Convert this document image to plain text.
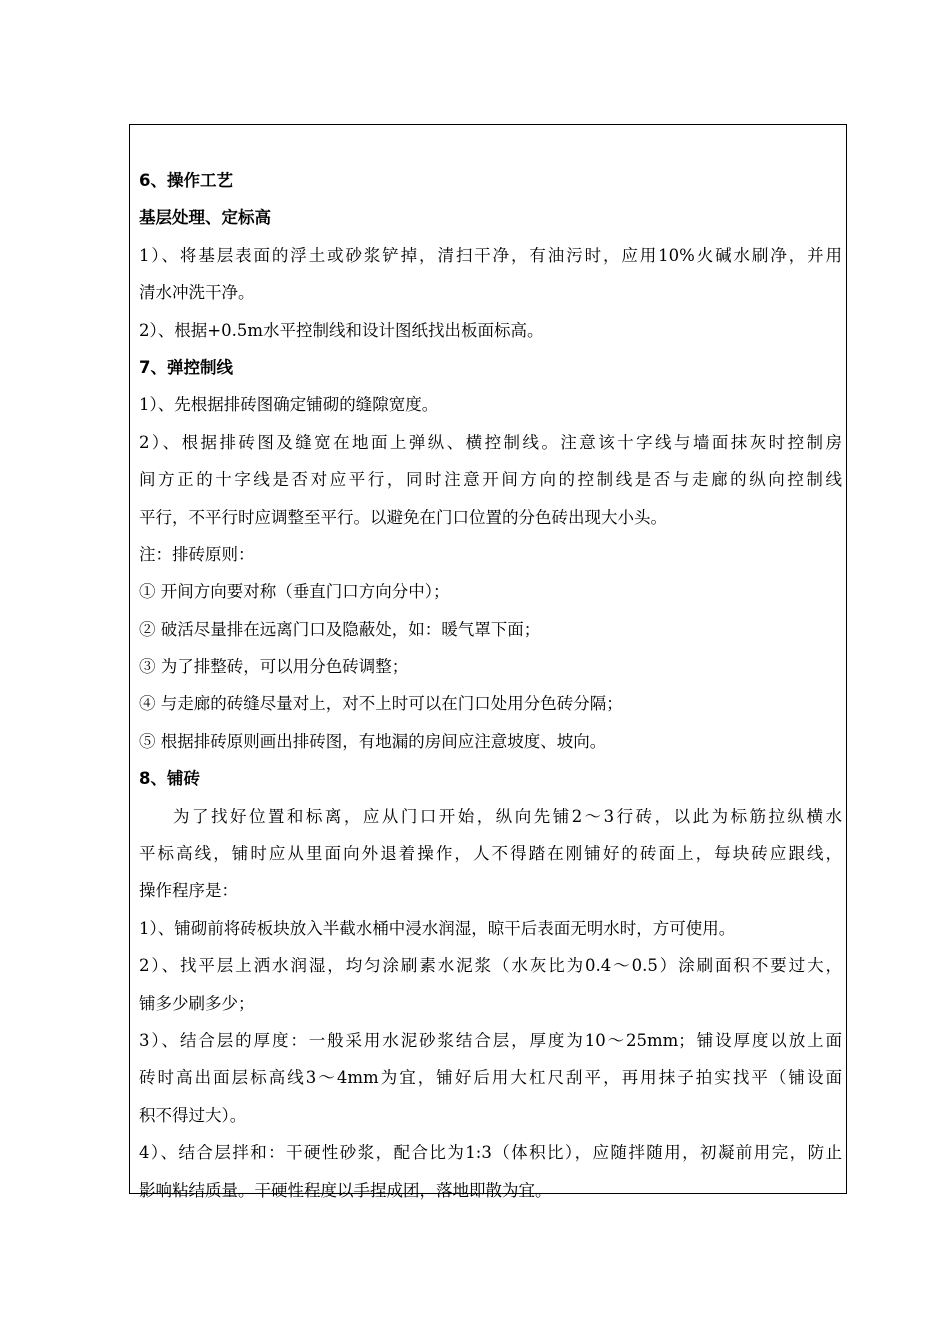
6、操作工艺
基层处理、定标高
1）、将基层表面的浮土或砂浆铲掉，清扫干净，有油污时，应用10%火碱水刷净，并用
清水冲洗干净。
2）、根据+0.5m水平控制线和设计图纸找出板面标高。
7、弹控制线
1）、先根据排砖图确定铺砌的缝隙宽度。
2）、根据排砖图及缝宽在地面上弹纵、横控制线。注意该十字线与墙面抹灰时控制房
间方正的十字线是否对应平行，同时注意开间方向的控制线是否与走廊的纵向控制线
平行，不平行时应调整至平行。以避免在门口位置的分色砖出现大小头。
注：排砖原则：
① 开间方向要对称（垂直门口方向分中）；
② 破活尽量排在远离门口及隐蔽处，如：暖气罩下面；
③ 为了排整砖，可以用分色砖调整；
④ 与走廊的砖缝尽量对上，对不上时可以在门口处用分色砖分隔；
⑤ 根据排砖原则画出排砖图，有地漏的房间应注意坡度、坡向。
8、铺砖
为了找好位置和标离，应从门口开始，纵向先铺2～3行砖，以此为标筋拉纵横水
平标高线，铺时应从里面向外退着操作，人不得踏在刚铺好的砖面上，每块砖应跟线，
操作程序是：
1）、铺砌前将砖板块放入半截水桶中浸水润湿，晾干后表面无明水时，方可使用。
2）、找平层上洒水润湿，均匀涂刷素水泥浆（水灰比为0.4～0.5）涂刷面积不要过大，
铺多少刷多少；
3）、结合层的厚度：一般采用水泥砂浆结合层，厚度为10～25mm；铺设厚度以放上面
砖时高出面层标高线3～4mm为宜，铺好后用大杠尺刮平，再用抹子拍实找平（铺设面
积不得过大）。
4）、结合层拌和：干硬性砂浆，配合比为1:3（体积比），应随拌随用，初凝前用完，防止
影响粘结质量。干硬性程度以手捏成团，落地即散为宜。
